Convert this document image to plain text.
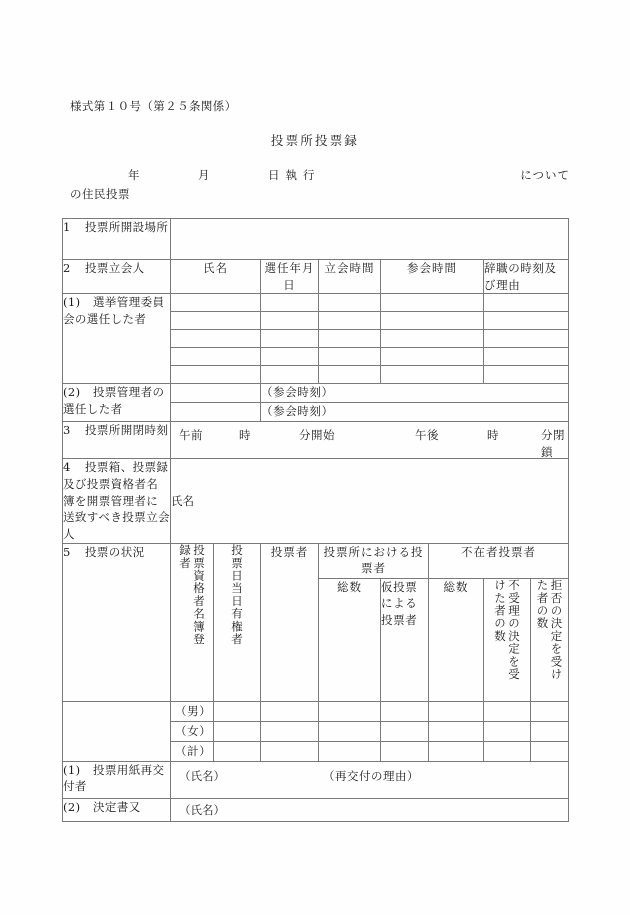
様式第１０号（第２５条関係）
投票所投票録
年　　　月　　　日執行	について
の住民投票
1 投票所開設場所								
2 投票立会人	氏名		選任年月日	立会時間	参会時間		辞職の時刻及び理由	
(1) 選挙管理委員会の選任した者								

(2) 投票管理者の選任した者			（参会時刻）					
			（参会時刻）					
3 投票所開閉時刻	午前	時	分開始	午後	時	分閉鎖

4 投票箱、投票録及び投票資格者名簿を開票管理者に送致すべき投票立会人	氏名							
5 投票の状況	投票資格者名簿登録者	投票日当日有権者	投票者	投票所における投票者		不在者投票者		
				総数	仮投票による投票者	総数	不受理の決定を受けた者の数	拒否の決定を受けた者の数
	（男）							
	（女）							
	（計）							
(1) 投票用紙再交付者	（氏名） （再交付の理由）							

(2) 決定書又	（氏名）							
